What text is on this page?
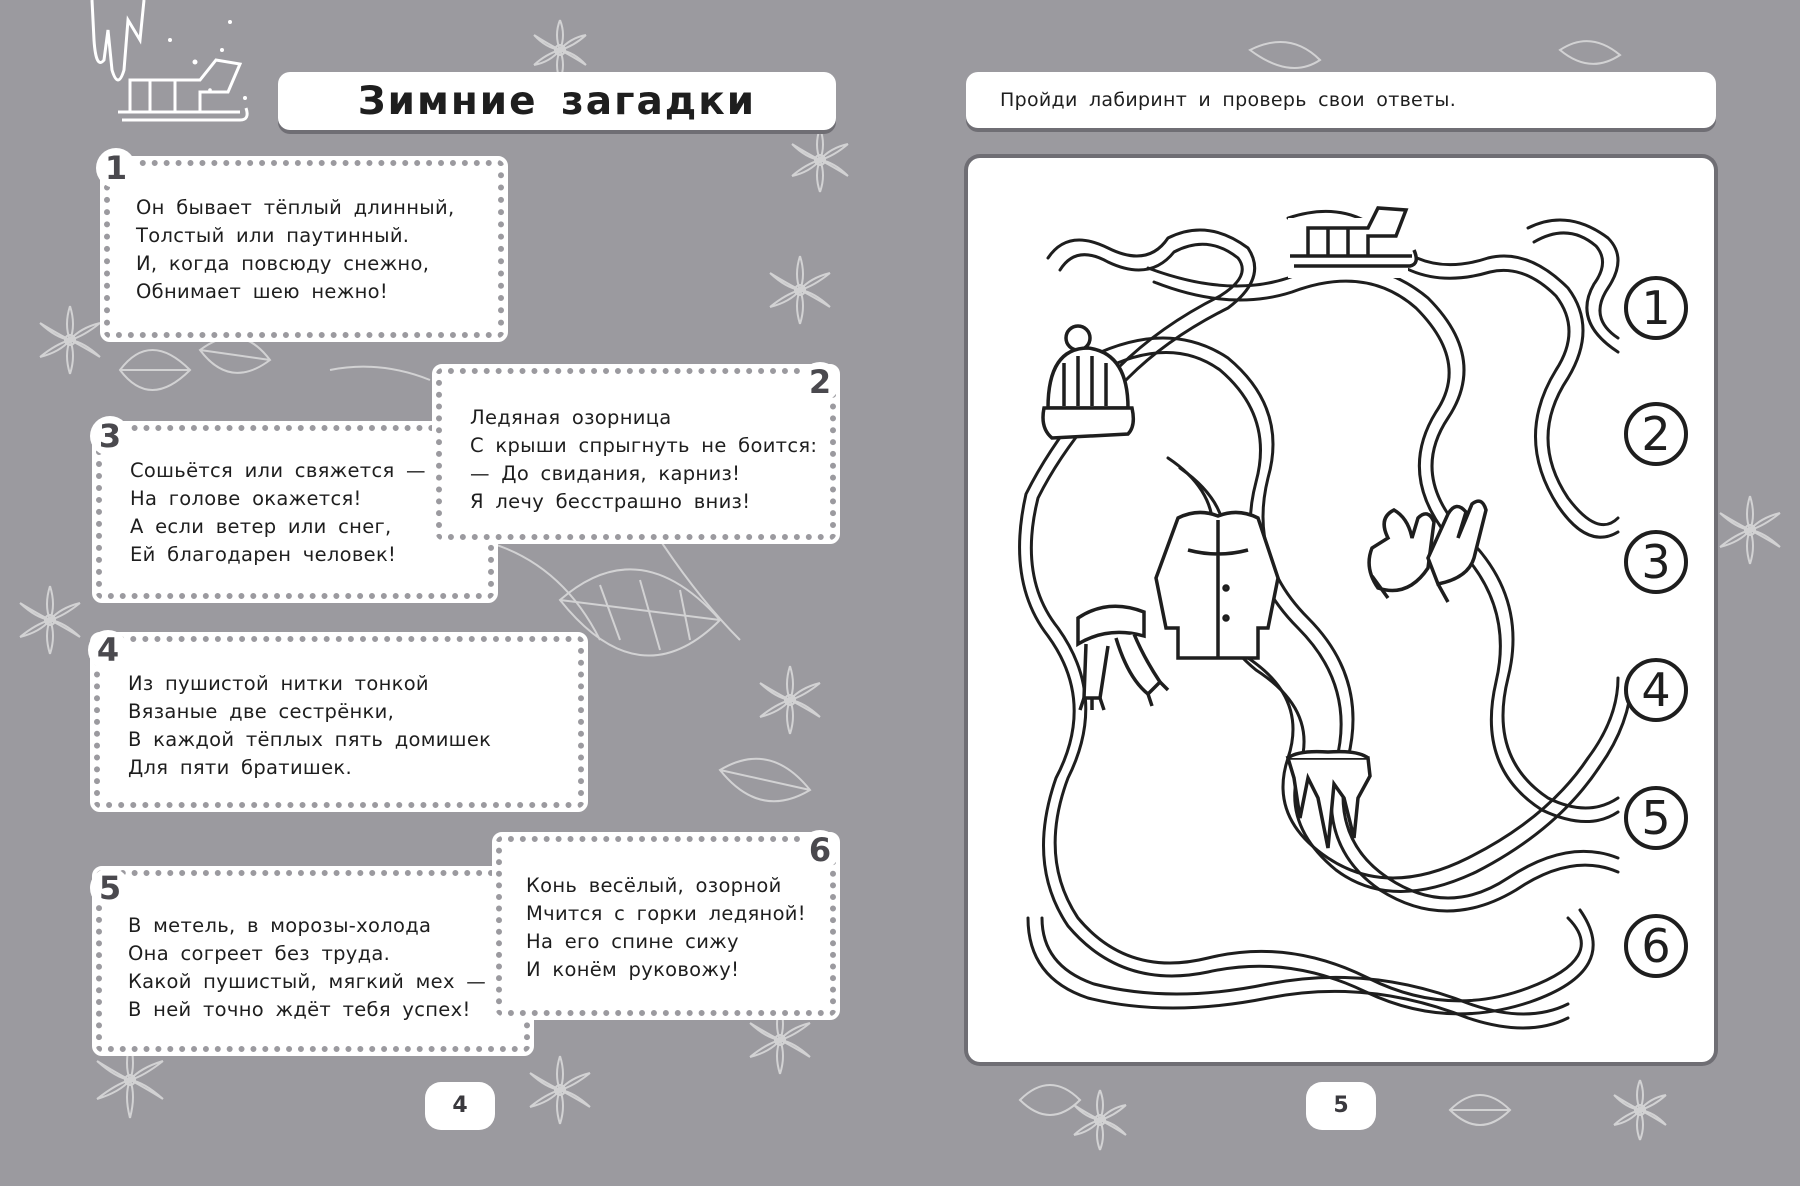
Зимние загадки

Он бывает тёплый длинный,

Толстый или паутинный.

И, когда повсюду снежно,

Обнимает шею нежно!

1

Сошьётся или свяжется —

На голове окажется!

А если ветер или снег,

Ей благодарен человек!

3	Ледяная озорница

С крыши спрыгнуть не боится:

— До свидания, карниз!

Я лечу бесстрашно вниз!

2

Из пушистой нитки тонкой

Вязаные две сестрёнки,

В каждой тёплых пять домишек

Для пяти братишек.

4

В метель, в морозы-холода

Она согреет без труда.

Какой пушистый, мягкий мех —

В ней точно ждёт тебя успех!

5	Конь весёлый, озорной

Мчится с горки ледяной!

На его спине сижу

И конём руковожу!

6
4
Пройди лабиринт и проверь свои ответы.
1
2
3
4
5
6
5
